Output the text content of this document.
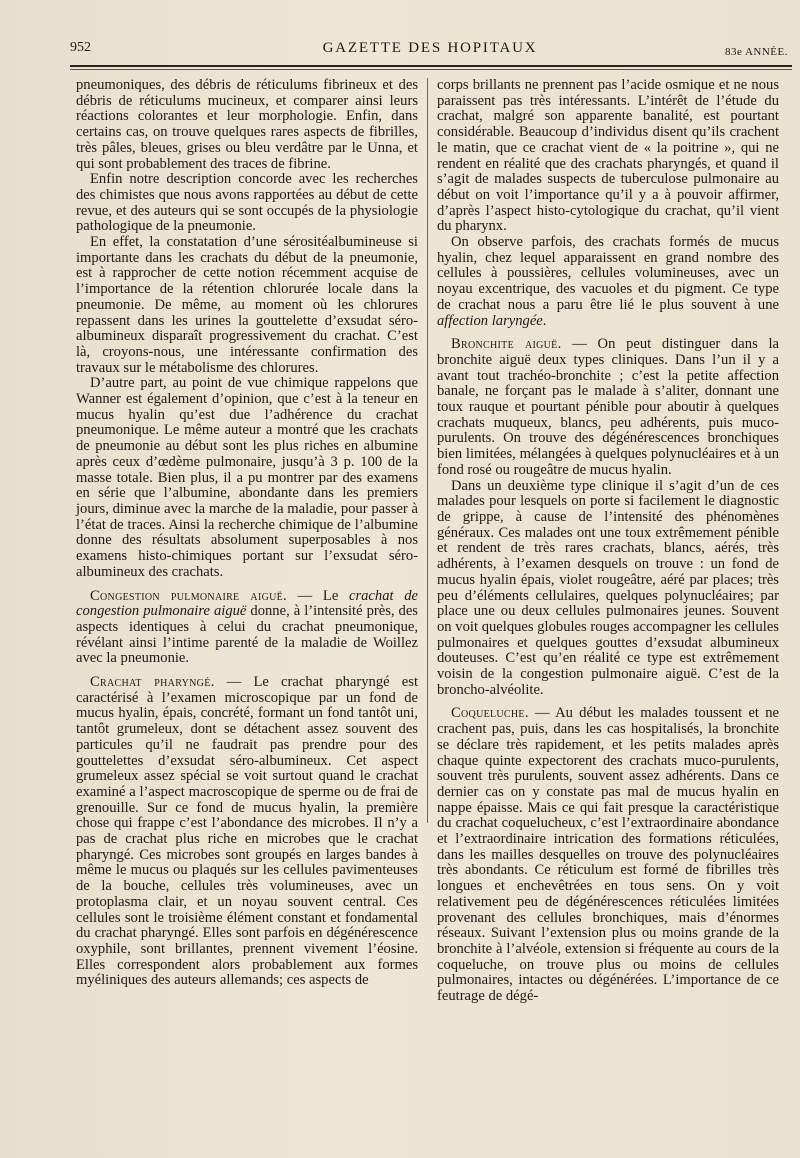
952	GAZETTE DES HOPITAUX	83e ANNÉE.

pneumoniques, des débris de réticulums fibrineux et des débris de réticulums mucineux, et comparer ainsi leurs réactions colorantes et leur morphologie. Enfin, dans certains cas, on trouve quelques rares aspects de fibrilles, très pâles, bleues, grises ou bleu verdâtre par le Unna, et qui sont probablement des traces de fibrine.

Enfin notre description concorde avec les recherches des chimistes que nous avons rapportées au début de cette revue, et des auteurs qui se sont occupés de la physiologie pathologique de la pneumonie.

En effet, la constatation d’une sérositéalbumineuse si importante dans les crachats du début de la pneumonie, est à rapprocher de cette notion récemment acquise de l’importance de la rétention chlorurée locale dans la pneumonie. De même, au moment où les chlorures repassent dans les urines la gouttelette d’exsudat séro-albumineux disparaît progressivement du crachat. C’est là, croyons-nous, une intéressante confirmation des travaux sur le métabolisme des chlorures.

D’autre part, au point de vue chimique rappelons que Wanner est également d’opinion, que c’est à la teneur en mucus hyalin qu’est due l’adhérence du crachat pneumonique. Le même auteur a montré que les crachats de pneumonie au début sont les plus riches en albumine après ceux d’œdème pulmonaire, jusqu’à 3 p. 100 de la masse totale. Bien plus, il a pu montrer par des examens en série que l’albumine, abondante dans les premiers jours, diminue avec la marche de la maladie, pour passer à l’état de traces. Ainsi la recherche chimique de l’albumine donne des résultats absolument superposables à nos examens histo-chimiques portant sur l’exsudat séro-albumineux des crachats.

Congestion pulmonaire aiguë. — Le crachat de congestion pulmonaire aiguë donne, à l’intensité près, des aspects identiques à celui du crachat pneumonique, révélant ainsi l’intime parenté de la maladie de Woillez avec la pneumonie.

Crachat pharyngé. — Le crachat pharyngé est caractérisé à l’examen microscopique par un fond de mucus hyalin, épais, concrété, formant un fond tantôt uni, tantôt grumeleux, dont se détachent assez souvent des particules qu’il ne faudrait pas prendre pour des gouttelettes d’exsudat séro-albumineux. Cet aspect grumeleux assez spécial se voit surtout quand le crachat examiné a l’aspect macroscopique de sperme ou de frai de grenouille. Sur ce fond de mucus hyalin, la première chose qui frappe c’est l’abondance des microbes. Il n’y a pas de crachat plus riche en microbes que le crachat pharyngé. Ces microbes sont groupés en larges bandes à même le mucus ou plaqués sur les cellules pavimenteuses de la bouche, cellules très volumineuses, avec un protoplasma clair, et un noyau souvent central. Ces cellules sont le troisième élément constant et fondamental du crachat pharyngé. Elles sont parfois en dégénérescence oxyphile, sont brillantes, prennent vivement l’éosine. Elles correspondent alors probablement aux formes myéliniques des auteurs allemands; ces aspects de

corps brillants ne prennent pas l’acide osmique et ne nous paraissent pas très intéressants. L’intérêt de l’étude du crachat, malgré son apparente banalité, est pourtant considérable. Beaucoup d’individus disent qu’ils crachent le matin, que ce crachat vient de « la poitrine », qui ne rendent en réalité que des crachats pharyngés, et quand il s’agit de malades suspects de tuberculose pulmonaire au début on voit l’importance qu’il y a à pouvoir affirmer, d’après l’aspect histo-cytologique du crachat, qu’il vient du pharynx.

On observe parfois, des crachats formés de mucus hyalin, chez lequel apparaissent en grand nombre des cellules à poussières, cellules volumineuses, avec un noyau excentrique, des vacuoles et du pigment. Ce type de crachat nous a paru être lié le plus souvent à une affection laryngée.

Bronchite aiguë. — On peut distinguer dans la bronchite aiguë deux types cliniques. Dans l’un il y a avant tout trachéo-bronchite ; c’est la petite affection banale, ne forçant pas le malade à s’aliter, donnant une toux rauque et pourtant pénible pour aboutir à quelques crachats muqueux, blancs, peu adhérents, puis muco-purulents. On trouve des dégénérescences bronchiques bien limitées, mélangées à quelques polynucléaires et à un fond rosé ou rougeâtre de mucus hyalin.

Dans un deuxième type clinique il s’agit d’un de ces malades pour lesquels on porte si facilement le diagnostic de grippe, à cause de l’intensité des phénomènes généraux. Ces malades ont une toux extrêmement pénible et rendent de très rares crachats, blancs, aérés, très adhérents, à l’examen desquels on trouve : un fond de mucus hyalin épais, violet rougeâtre, aéré par places; très peu d’éléments cellulaires, quelques polynucléaires; par place une ou deux cellules pulmonaires jeunes. Souvent on voit quelques globules rouges accompagner les cellules pulmonaires et quelques gouttes d’exsudat albumineux douteuses. C’est qu’en réalité ce type est extrêmement voisin de la congestion pulmonaire aiguë. C’est de la broncho-alvéolite.

Coqueluche. — Au début les malades toussent et ne crachent pas, puis, dans les cas hospitalisés, la bronchite se déclare très rapidement, et les petits malades après chaque quinte expectorent des crachats muco-purulents, souvent très purulents, souvent assez adhérents. Dans ce dernier cas on y constate pas mal de mucus hyalin en nappe épaisse. Mais ce qui fait presque la caractéristique du crachat coquelucheux, c’est l’extraordinaire abondance et l’extraordinaire intrication des formations réticulées, dans les mailles desquelles on trouve des polynucléaires très abondants. Ce réticulum est formé de fibrilles très longues et enchevêtrées en tous sens. On y voit relativement peu de dégénérescences réticulées limitées provenant des cellules bronchiques, mais d’énormes réseaux. Suivant l’extension plus ou moins grande de la bronchite à l’alvéole, extension si fréquente au cours de la coqueluche, on trouve plus ou moins de cellules pulmonaires, intactes ou dégénérées. L’importance de ce feutrage de dégé-
